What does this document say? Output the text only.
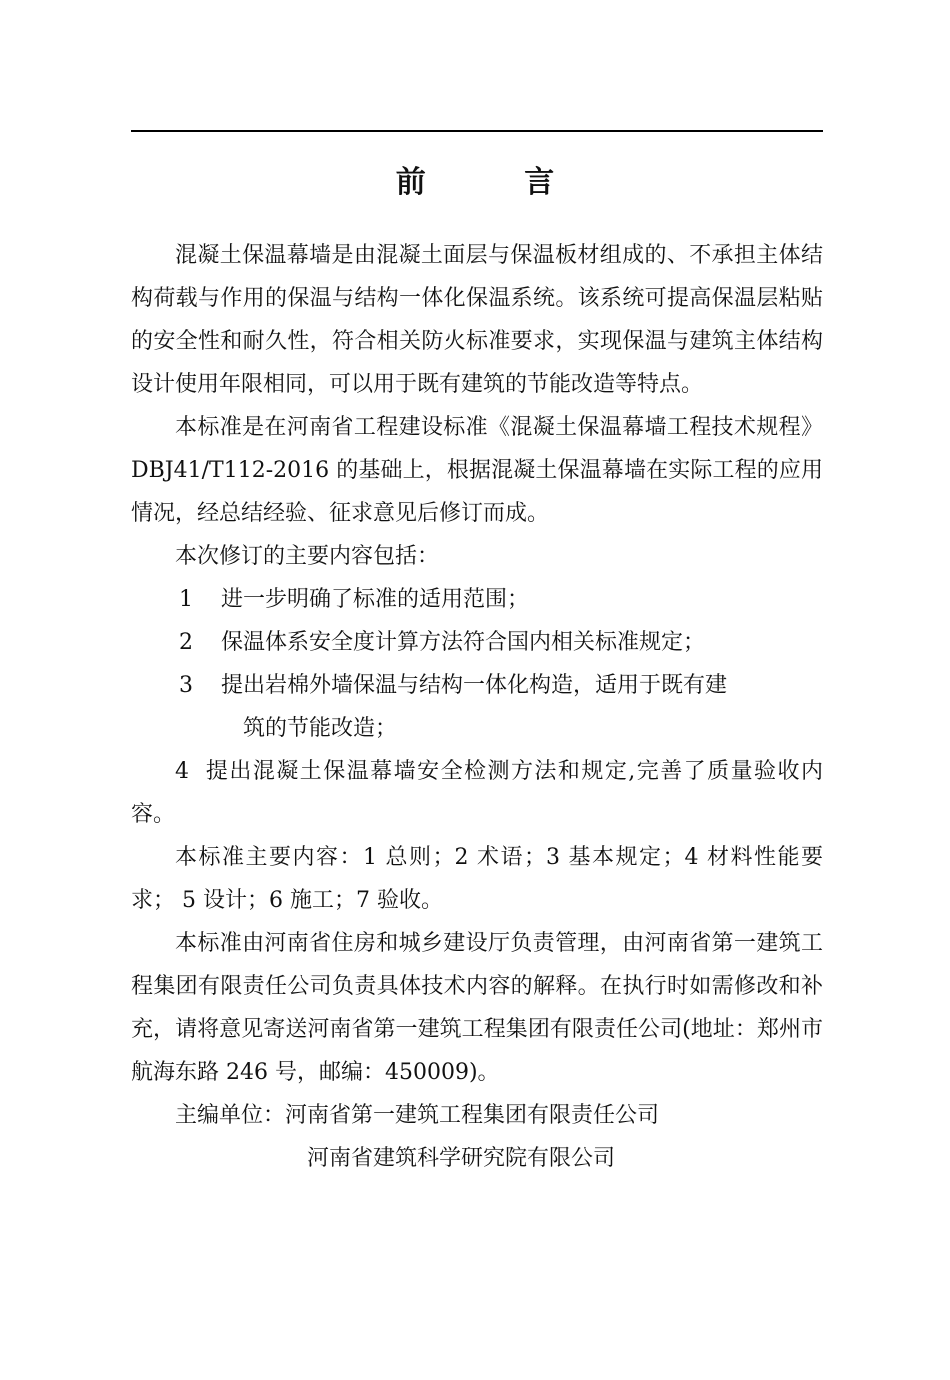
前 言

混凝土保温幕墙是由混凝土面层与保温板材组成的、不承担主体结构荷载与作用的保温与结构一体化保温系统。该系统可提高保温层粘贴的安全性和耐久性，符合相关防火标准要求，实现保温与建筑主体结构设计使用年限相同，可以用于既有建筑的节能改造等特点。

本标准是在河南省工程建设标准《混凝土保温幕墙工程技术规程》DBJ41/T112-2016 的基础上，根据混凝土保温幕墙在实际工程的应用情况，经总结经验、征求意见后修订而成。

本次修订的主要内容包括：

1	进一步明确了标准的适用范围；
2	保温体系安全度计算方法符合国内相关标准规定；
3	提出岩棉外墙保温与结构一体化构造，适用于既有建
筑的节能改造；

4 提出混凝土保温幕墙安全检测方法和规定,完善了质量验收内容。

本标准主要内容：1 总则；2 术语；3 基本规定；4 材料性能要求； 5 设计；6 施工；7 验收。

本标准由河南省住房和城乡建设厅负责管理，由河南省第一建筑工程集团有限责任公司负责具体技术内容的解释。在执行时如需修改和补充，请将意见寄送河南省第一建筑工程集团有限责任公司(地址：郑州市航海东路 246 号，邮编：450009)。

主编单位：河南省第一建筑工程集团有限责任公司

河南省建筑科学研究院有限公司
